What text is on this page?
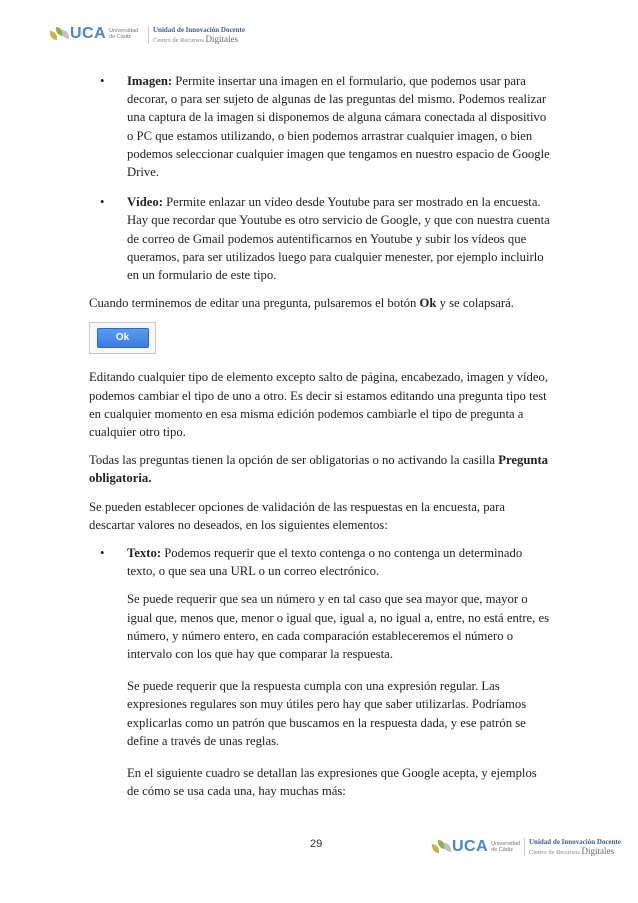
UCA Universidad
de Cádiz
Unidad de Innovación Docente
Centro de Recursos Digitales
• Imagen: Permite insertar una imagen en el formulario, que podemos usar para decorar, o para ser sujeto de algunas de las preguntas del mismo. Podemos realizar una captura de la imagen si disponemos de alguna cámara conectada al dispositivo o PC que estamos utilizando, o bien podemos arrastrar cualquier imagen, o bien podemos seleccionar cualquier imagen que tengamos en nuestro espacio de Google Drive.
• Vídeo: Permite enlazar un vídeo desde Youtube para ser mostrado en la encuesta. Hay que recordar que Youtube es otro servicio de Google, y que con nuestra cuenta de correo de Gmail podemos autentificarnos en Youtube y subir los vídeos que queramos, para ser utilizados luego para cualquier menester, por ejemplo incluirlo en un formulario de este tipo.

Cuando terminemos de editar una pregunta, pulsaremos el botón Ok y se colapsará.

Ok

Editando cualquier tipo de elemento excepto salto de página, encabezado, imagen y vídeo, podemos cambiar el tipo de uno a otro. Es decir si estamos editando una pregunta tipo test en cualquier momento en esa misma edición podemos cambiarle el tipo de pregunta a cualquier otro tipo.

Todas las preguntas tienen la opción de ser obligatorias o no activando la casilla Pregunta obligatoria.

Se pueden establecer opciones de validación de las respuestas en la encuesta, para descartar valores no deseados, en los siguientes elementos:

• Texto: Podemos requerir que el texto contenga o no contenga un determinado texto, o que sea una URL o un correo electrónico.

Se puede requerir que sea un número y en tal caso que sea mayor que, mayor o igual que, menos que, menor o igual que, igual a, no igual a, entre, no está entre, es número, y número entero, en cada comparación estableceremos el número o intervalo con los que hay que comparar la respuesta.

Se puede requerir que la respuesta cumpla con una expresión regular. Las expresiones regulares son muy útiles pero hay que saber utilizarlas. Podríamos explicarlas como un patrón que buscamos en la respuesta dada, y ese patrón se define a través de unas reglas.

En el siguiente cuadro se detallan las expresiones que Google acepta, y ejemplos de cómo se usa cada una, hay muchas más:

29	UCA Universidad
de Cádiz
Unidad de Innovación Docente
Centro de Recursos Digitales
